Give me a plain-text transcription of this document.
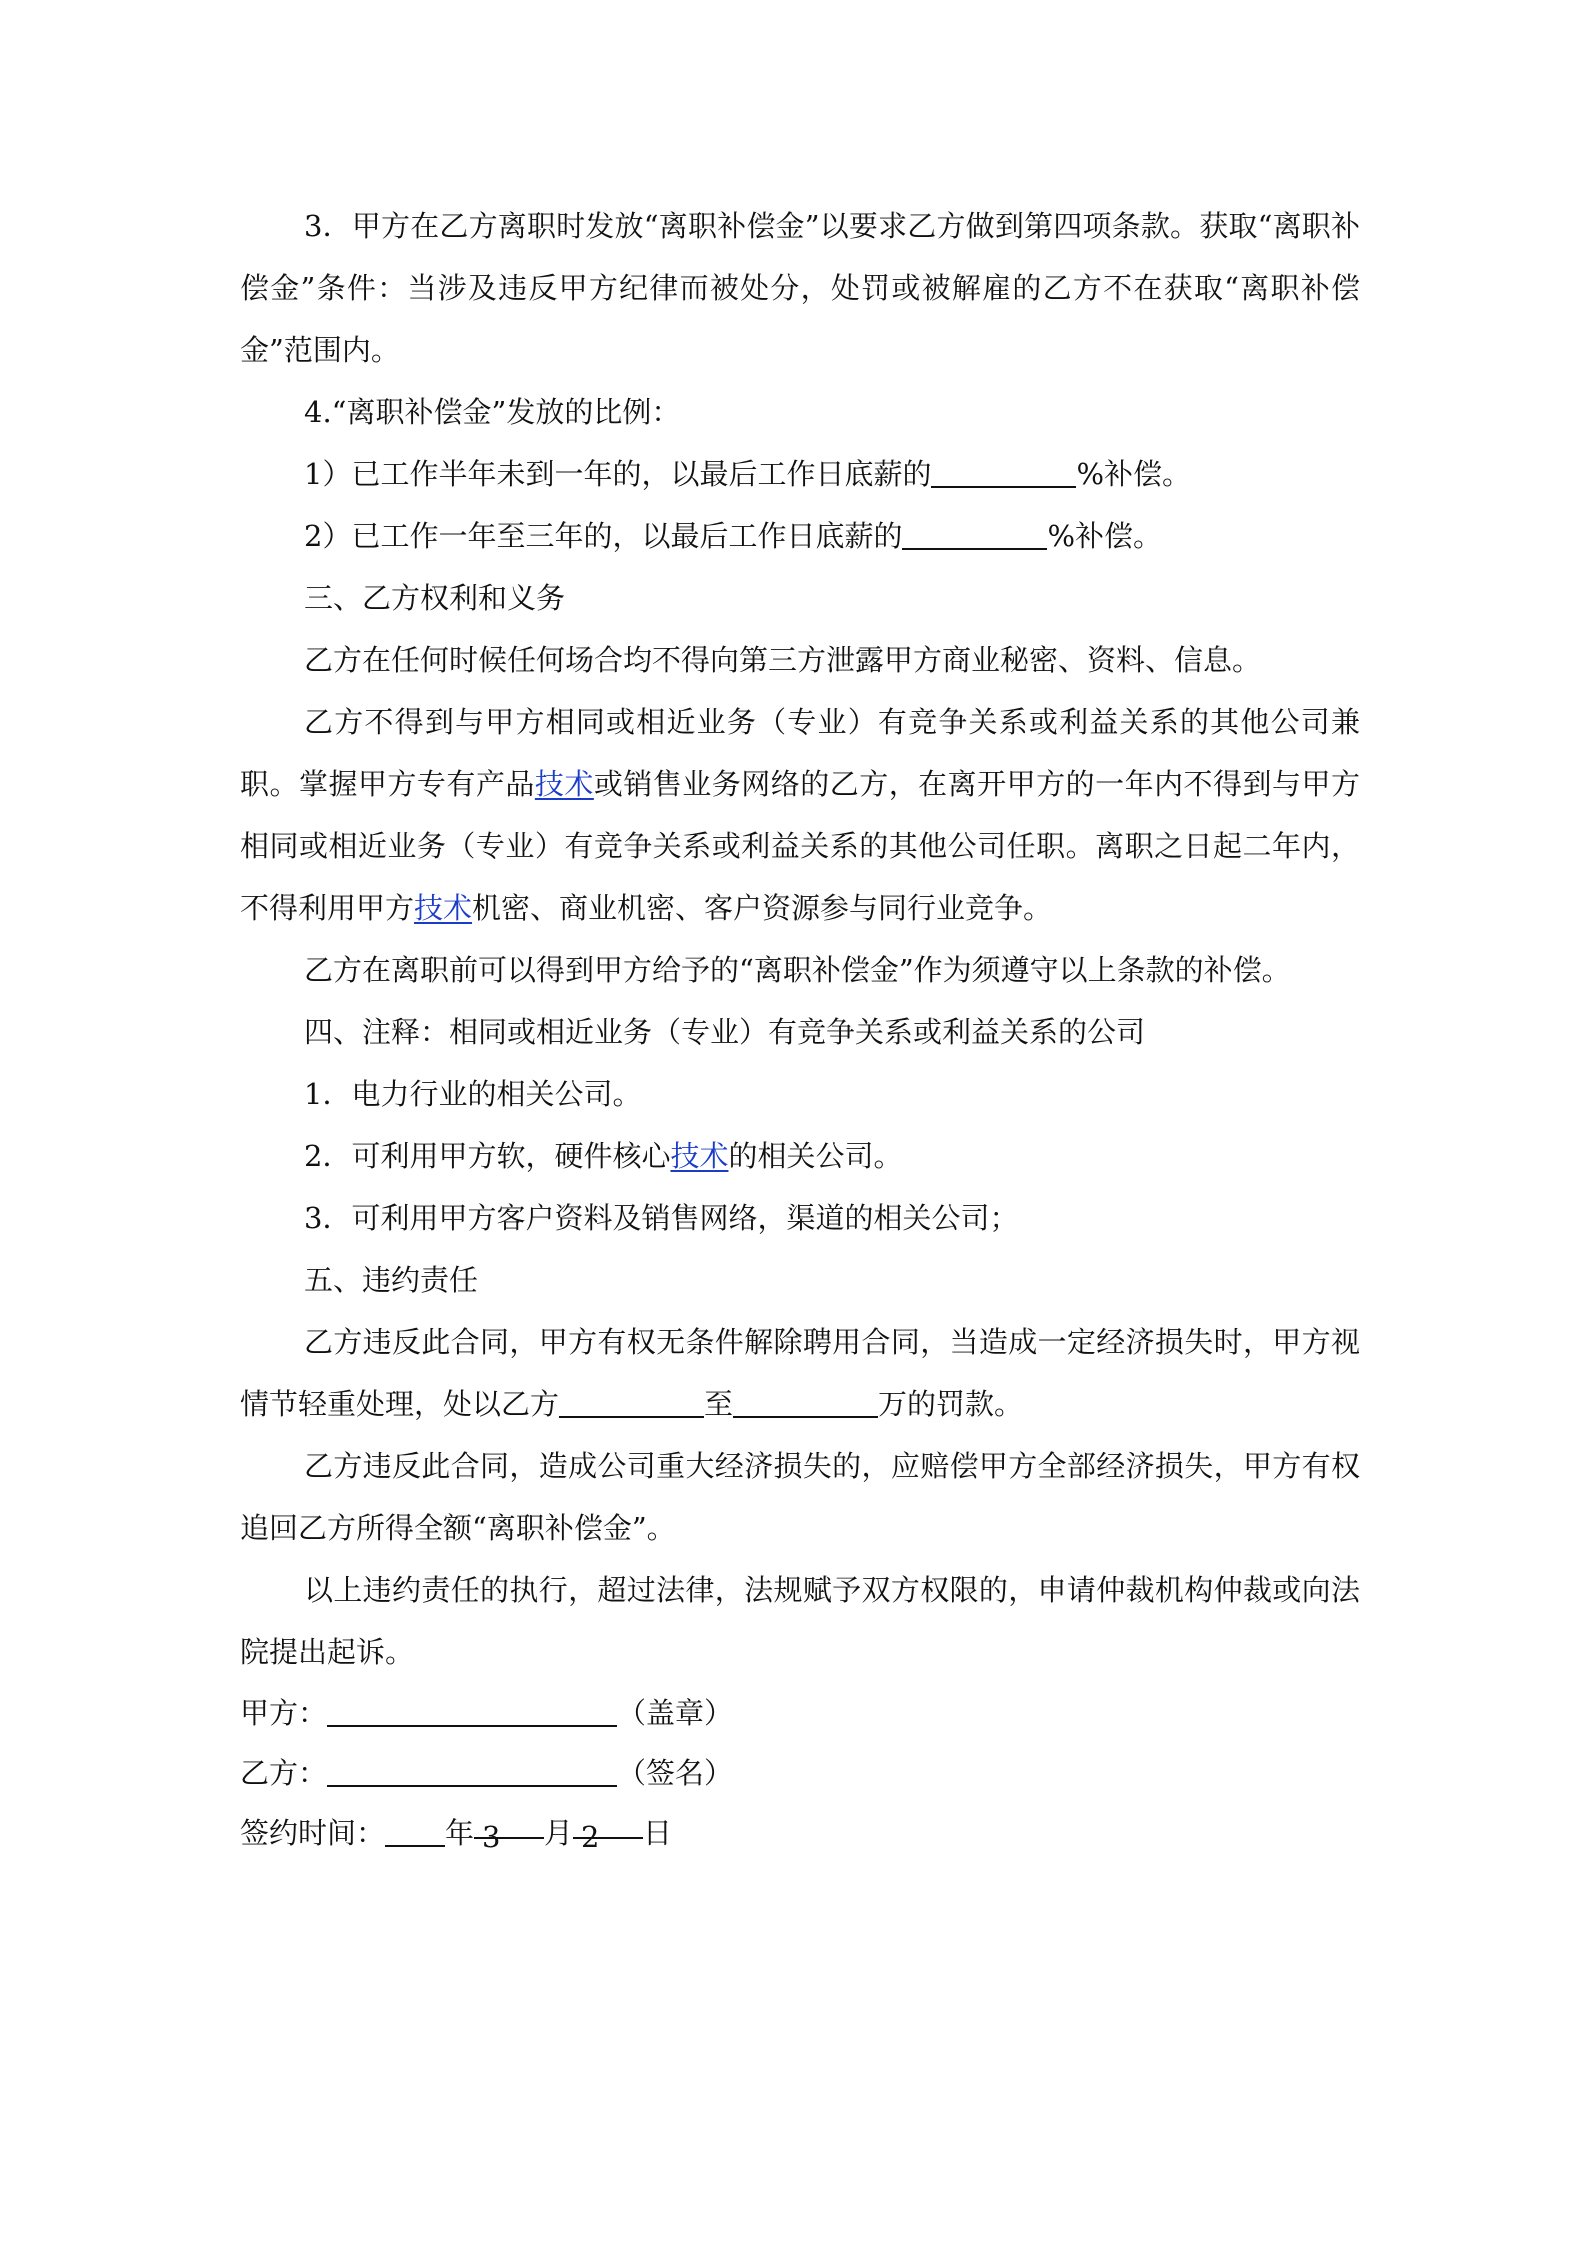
3．甲方在乙方离职时发放“离职补偿金”以要求乙方做到第四项条款。获取“离职补偿金”条件：当涉及违反甲方纪律而被处分，处罚或被解雇的乙方不在获取“离职补偿金”范围内。

4.“离职补偿金”发放的比例：

1）已工作半年未到一年的，以最后工作日底薪的	%补偿。

2）已工作一年至三年的，以最后工作日底薪的	%补偿。

三、乙方权利和义务

乙方在任何时候任何场合均不得向第三方泄露甲方商业秘密、资料、信息。

乙方不得到与甲方相同或相近业务（专业）有竞争关系或利益关系的其他公司兼职。掌握甲方专有产品技术或销售业务网络的乙方，在离开甲方的一年内不得到与甲方相同或相近业务（专业）有竞争关系或利益关系的其他公司任职。离职之日起二年内，不得利用甲方技术机密、商业机密、客户资源参与同行业竞争。

乙方在离职前可以得到甲方给予的“离职补偿金”作为须遵守以上条款的补偿。

四、注释：相同或相近业务（专业）有竞争关系或利益关系的公司

1．电力行业的相关公司。

2．可利用甲方软，硬件核心技术的相关公司。

3．可利用甲方客户资料及销售网络，渠道的相关公司；

五、违约责任

乙方违反此合同，甲方有权无条件解除聘用合同，当造成一定经济损失时，甲方视情节轻重处理，处以乙方	至	万的罚款。

乙方违反此合同，造成公司重大经济损失的，应赔偿甲方全部经济损失，甲方有权追回乙方所得全额“离职补偿金”。

以上违约责任的执行，超过法律，法规赋予双方权限的，申请仲裁机构仲裁或向法院提出起诉。

甲方：	（盖章）

乙方：	（签名）

签约时间： 年 3 月 2 日
